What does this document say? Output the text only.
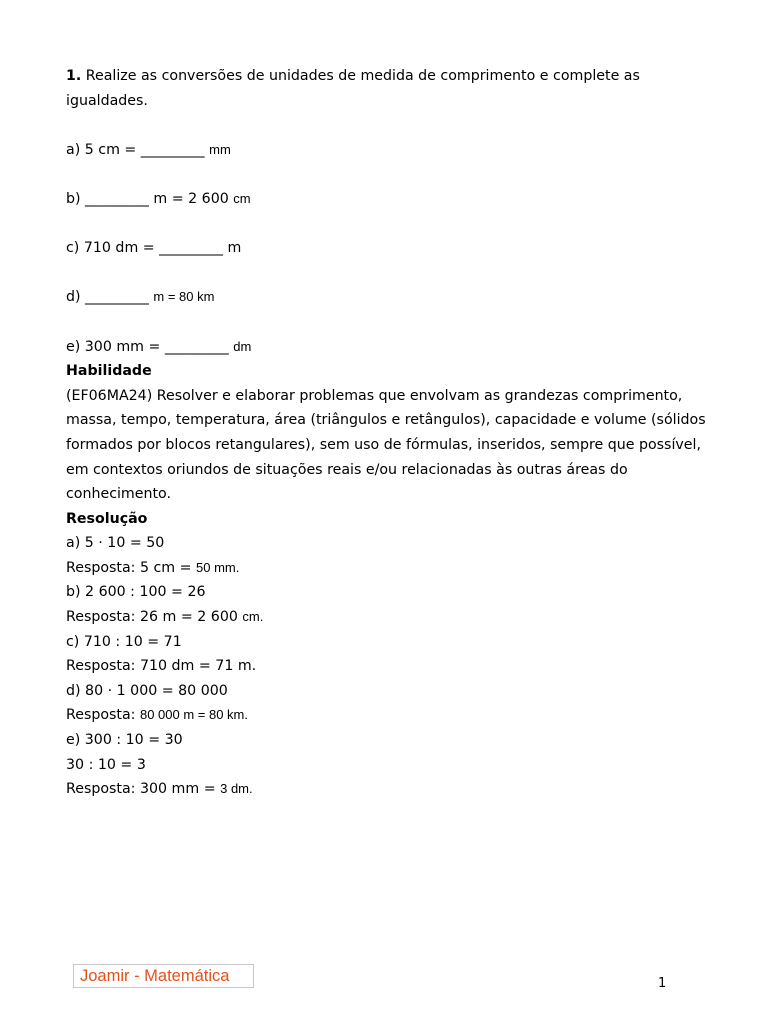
1. Realize as conversões de unidades de medida de comprimento e complete as igualdades.
a) 5 cm = _________ mm
b) _________ m = 2 600 cm
c) 710 dm = _________ m
d) _________ m = 80 km
e) 300 mm = _________ dm
Habilidade
(EF06MA24) Resolver e elaborar problemas que envolvam as grandezas comprimento, massa, tempo, temperatura, área (triângulos e retângulos), capacidade e volume (sólidos formados por blocos retangulares), sem uso de fórmulas, inseridos, sempre que possível, em contextos oriundos de situações reais e/ou relacionadas às outras áreas do conhecimento.
Resolução
a) 5 · 10 = 50
Resposta: 5 cm = 50 mm.
b) 2 600 : 100 = 26
Resposta: 26 m = 2 600 cm.
c) 710 : 10 = 71
Resposta: 710 dm = 71 m.
d) 80 · 1 000 = 80 000
Resposta: 80 000 m = 80 km.
e) 300 : 10 = 30
30 : 10 = 3
Resposta: 300 mm = 3 dm.
Joamir - Matemática	1
